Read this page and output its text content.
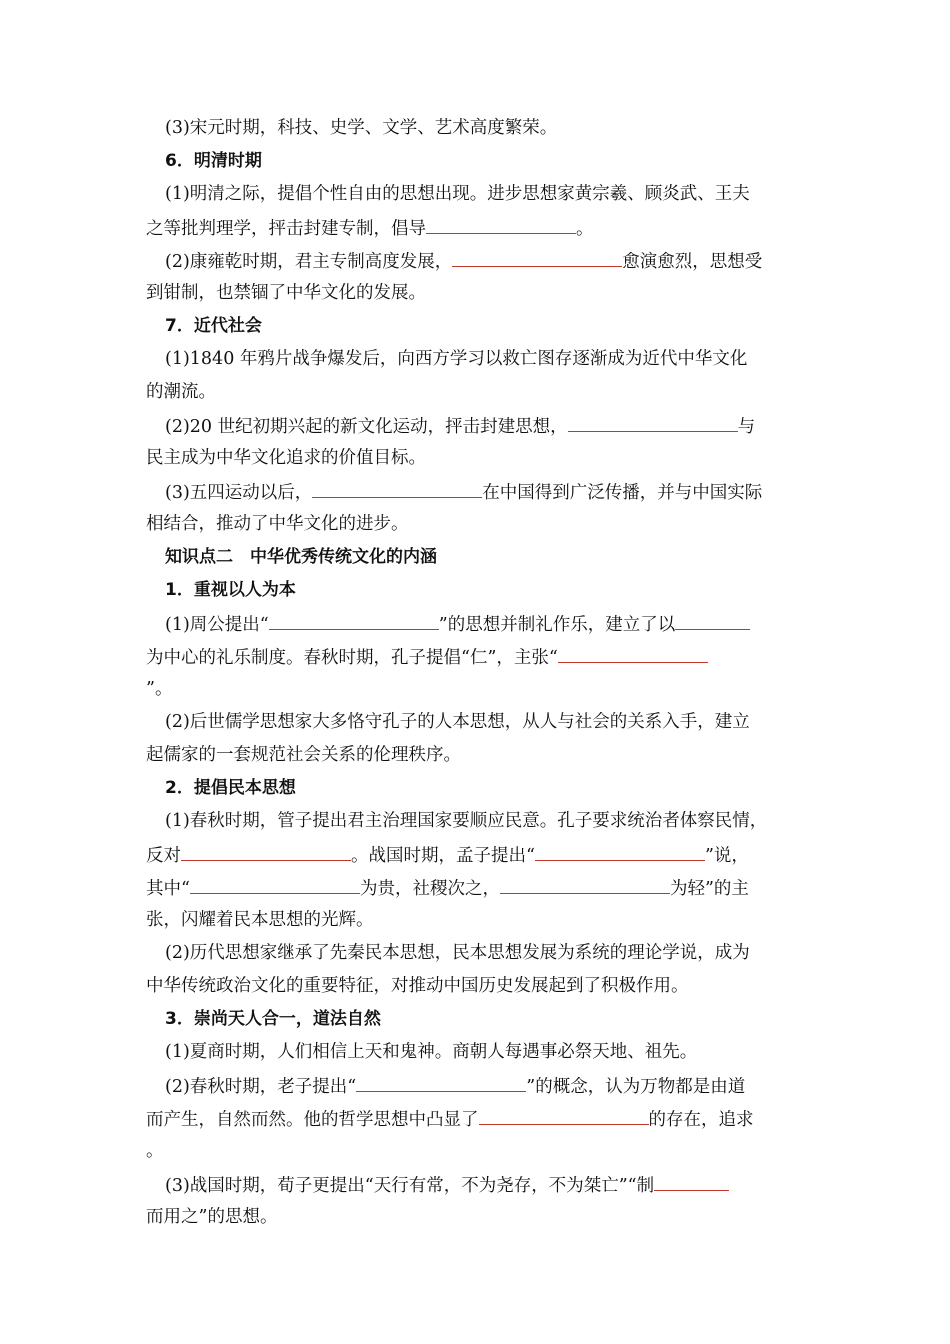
(3)宋元时期，科技、史学、文学、艺术高度繁荣。
6．明清时期
(1)明清之际，提倡个性自由的思想出现。进步思想家黄宗羲、顾炎武、王夫
之等批判理学，抨击封建专制，倡导	。
(2)康雍乾时期，君主专制高度发展，	愈演愈烈，思想受
到钳制，也禁锢了中华文化的发展。
7．近代社会
(1)1840 年鸦片战争爆发后，向西方学习以救亡图存逐渐成为近代中华文化
的潮流。
(2)20 世纪初期兴起的新文化运动，抨击封建思想，	与
民主成为中华文化追求的价值目标。
(3)五四运动以后，	在中国得到广泛传播，并与中国实际
相结合，推动了中华文化的进步。
知识点二　中华优秀传统文化的内涵
1．重视以人为本
(1)周公提出“	”的思想并制礼作乐，建立了以
为中心的礼乐制度。春秋时期，孔子提倡“仁”，主张“
”。
(2)后世儒学思想家大多恪守孔子的人本思想，从人与社会的关系入手，建立
起儒家的一套规范社会关系的伦理秩序。
2．提倡民本思想
(1)春秋时期，管子提出君主治理国家要顺应民意。孔子要求统治者体察民情，
反对	。战国时期，孟子提出“	”说，
其中“	为贵，社稷次之，	为轻”的主
张，闪耀着民本思想的光辉。
(2)历代思想家继承了先秦民本思想，民本思想发展为系统的理论学说，成为
中华传统政治文化的重要特征，对推动中国历史发展起到了积极作用。
3．崇尚天人合一，道法自然
(1)夏商时期，人们相信上天和鬼神。商朝人每遇事必祭天地、祖先。
(2)春秋时期，老子提出“	”的概念，认为万物都是由道
而产生，自然而然。他的哲学思想中凸显了	的存在，追求
。
(3)战国时期，荀子更提出“天行有常，不为尧存，不为桀亡”“制
而用之”的思想。
